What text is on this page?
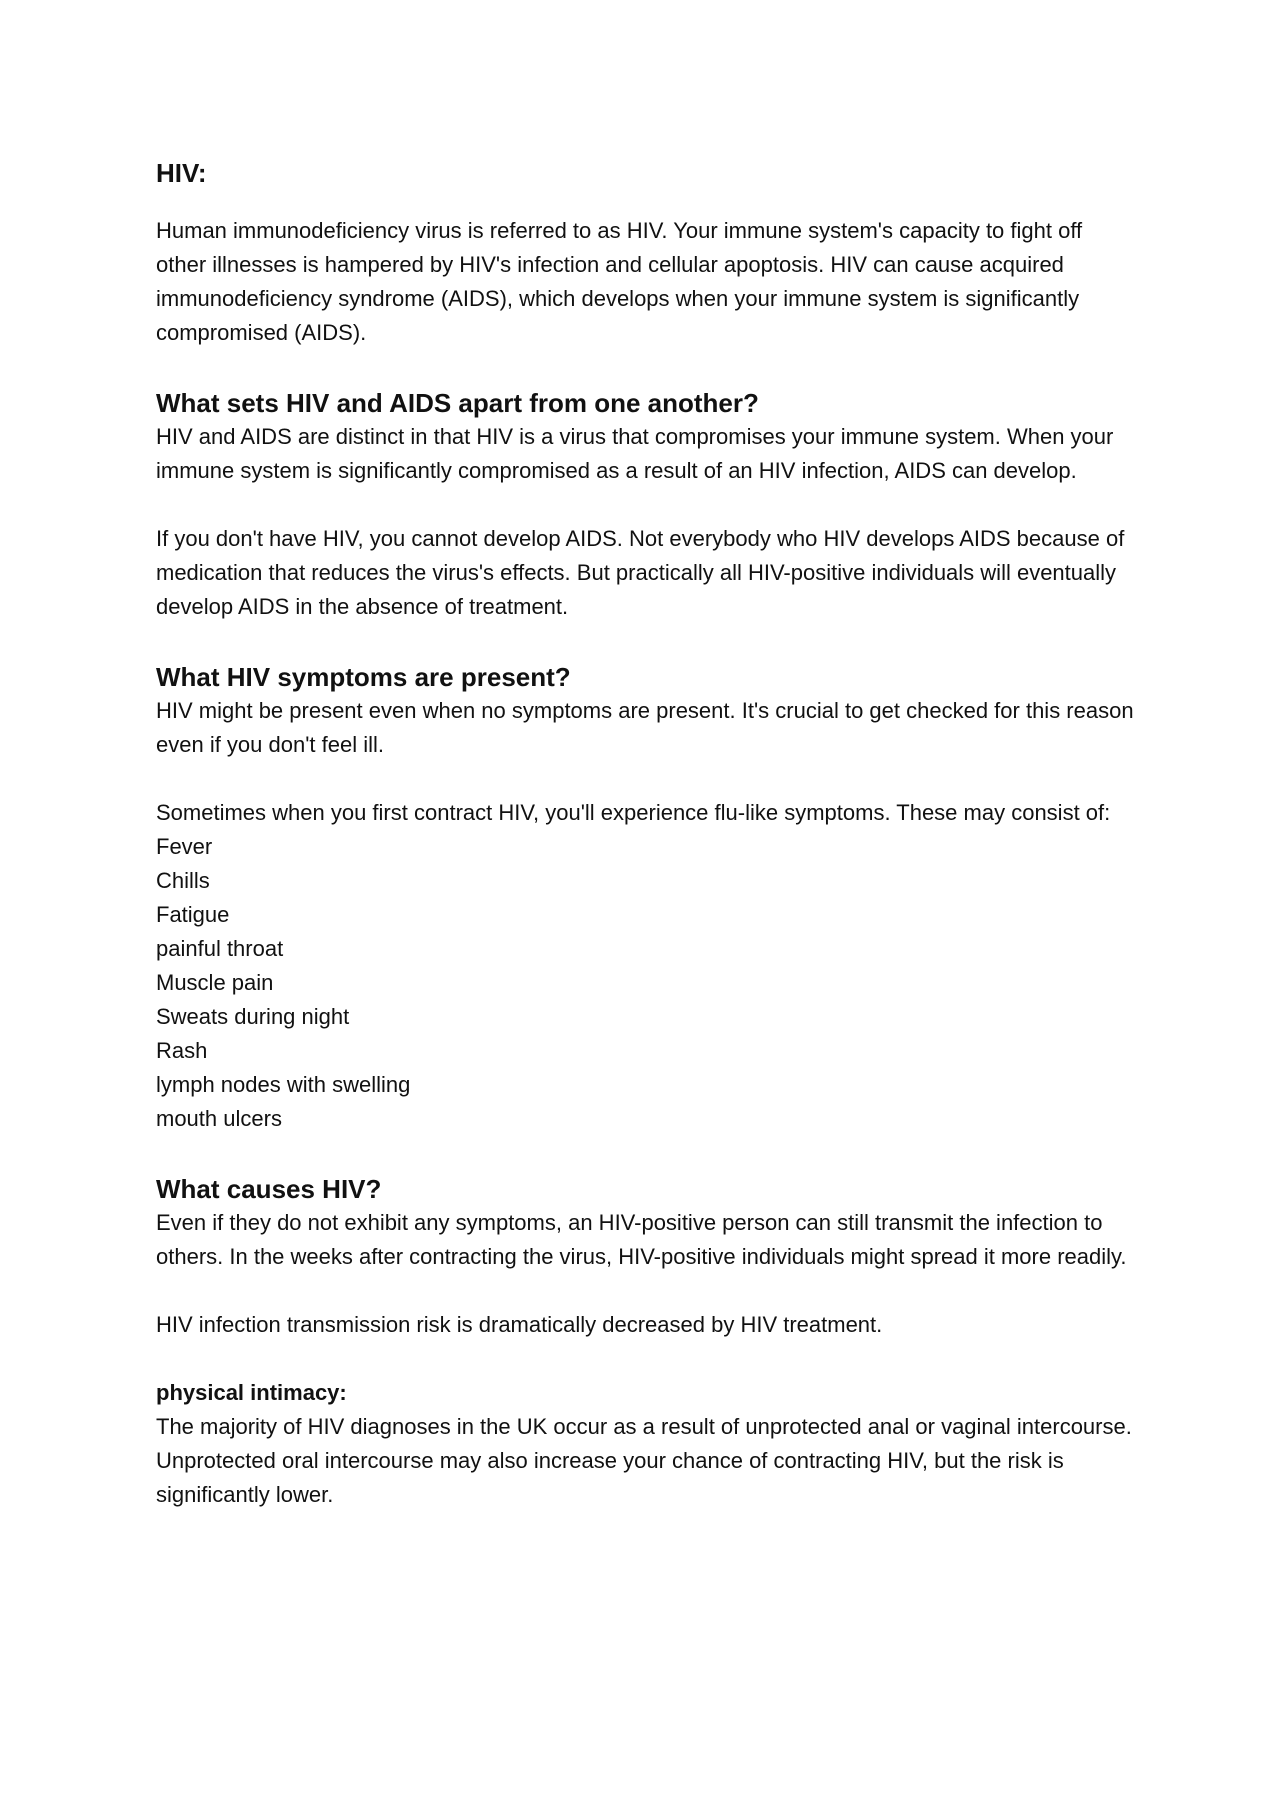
HIV:

Human immunodeficiency virus is referred to as HIV. Your immune system's capacity to fight off other illnesses is hampered by HIV's infection and cellular apoptosis. HIV can cause acquired immunodeficiency syndrome (AIDS), which develops when your immune system is significantly compromised (AIDS).

What sets HIV and AIDS apart from one another?

HIV and AIDS are distinct in that HIV is a virus that compromises your immune system. When your immune system is significantly compromised as a result of an HIV infection, AIDS can develop.

If you don't have HIV, you cannot develop AIDS. Not everybody who HIV develops AIDS because of medication that reduces the virus's effects. But practically all HIV-positive individuals will eventually develop AIDS in the absence of treatment.

What HIV symptoms are present?

HIV might be present even when no symptoms are present. It's crucial to get checked for this reason even if you don't feel ill.

Sometimes when you first contract HIV, you'll experience flu-like symptoms. These may consist of:

Fever
Chills
Fatigue
painful throat
Muscle pain
Sweats during night
Rash
lymph nodes with swelling
mouth ulcers
What causes HIV?

Even if they do not exhibit any symptoms, an HIV-positive person can still transmit the infection to others. In the weeks after contracting the virus, HIV-positive individuals might spread it more readily.

HIV infection transmission risk is dramatically decreased by HIV treatment.

physical intimacy:

The majority of HIV diagnoses in the UK occur as a result of unprotected anal or vaginal intercourse.

Unprotected oral intercourse may also increase your chance of contracting HIV, but the risk is significantly lower.
